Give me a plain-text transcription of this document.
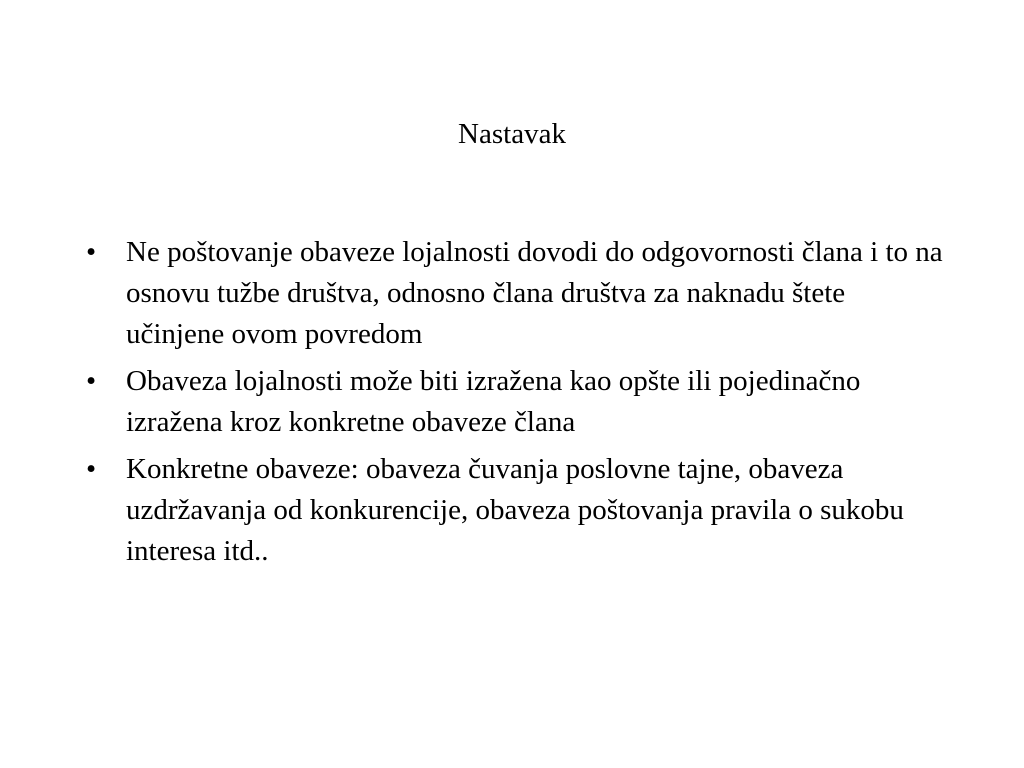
Nastavak
•	Ne poštovanje obaveze lojalnosti dovodi do odgovornosti člana i to na osnovu tužbe društva, odnosno člana društva za naknadu štete učinjene ovom povredom
•	Obaveza lojalnosti može biti izražena kao opšte ili pojedinačno izražena kroz konkretne obaveze člana
•	Konkretne obaveze: obaveza čuvanja poslovne tajne, obaveza uzdržavanja od konkurencije, obaveza poštovanja pravila o sukobu interesa itd..
